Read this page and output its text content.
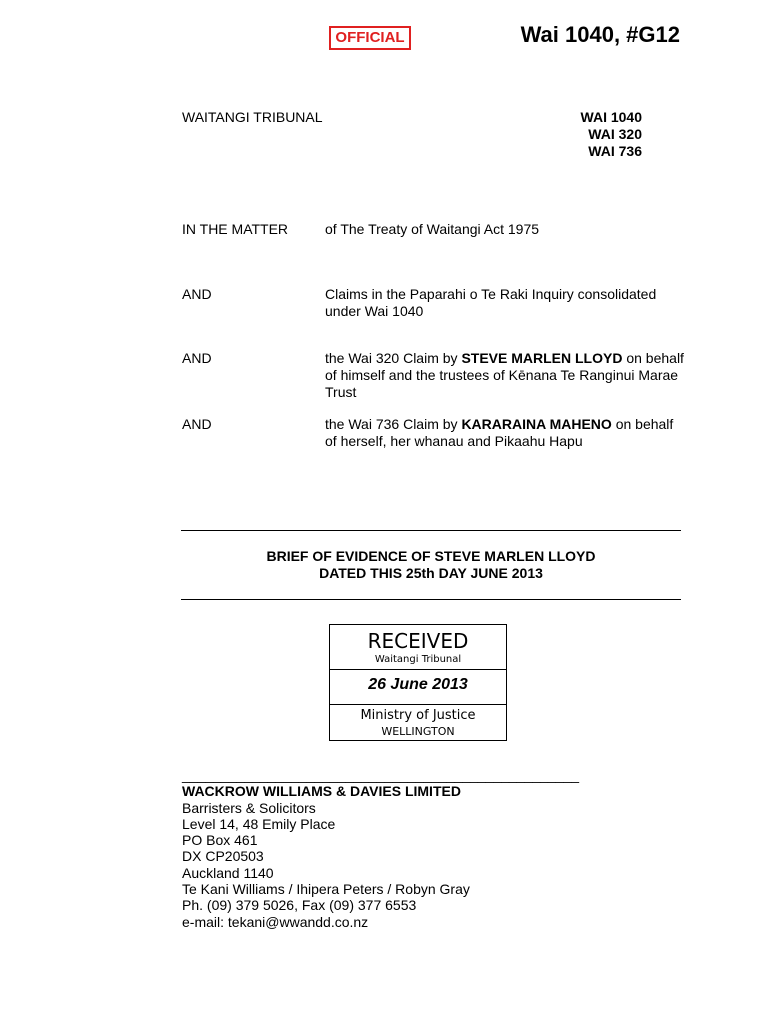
OFFICIAL	Wai 1040, #G12
WAITANGI TRIBUNAL	WAI 1040
WAI 320
WAI 736
IN THE MATTER	of The Treaty of Waitangi Act 1975
AND	Claims in the Paparahi o Te Raki Inquiry consolidated under Wai 1040
AND	the Wai 320 Claim by STEVE MARLEN LLOYD on behalf of himself and the trustees of Kēnana Te Ranginui Marae Trust
AND	the Wai 736 Claim by KARARAINA MAHENO on behalf of herself, her whanau and Pikaahu Hapu
BRIEF OF EVIDENCE OF STEVE MARLEN LLOYD
DATED THIS 25th DAY JUNE 2013
RECEIVED
Waitangi Tribunal
26 June 2013
Ministry of Justice
WELLINGTON
___________________________________________________
WACKROW WILLIAMS & DAVIES LIMITED
Barristers & Solicitors
Level 14, 48 Emily Place
PO Box 461
DX CP20503
Auckland 1140
Te Kani Williams / Ihipera Peters / Robyn Gray
Ph. (09) 379 5026, Fax (09) 377 6553
e-mail: tekani@wwandd.co.nz
